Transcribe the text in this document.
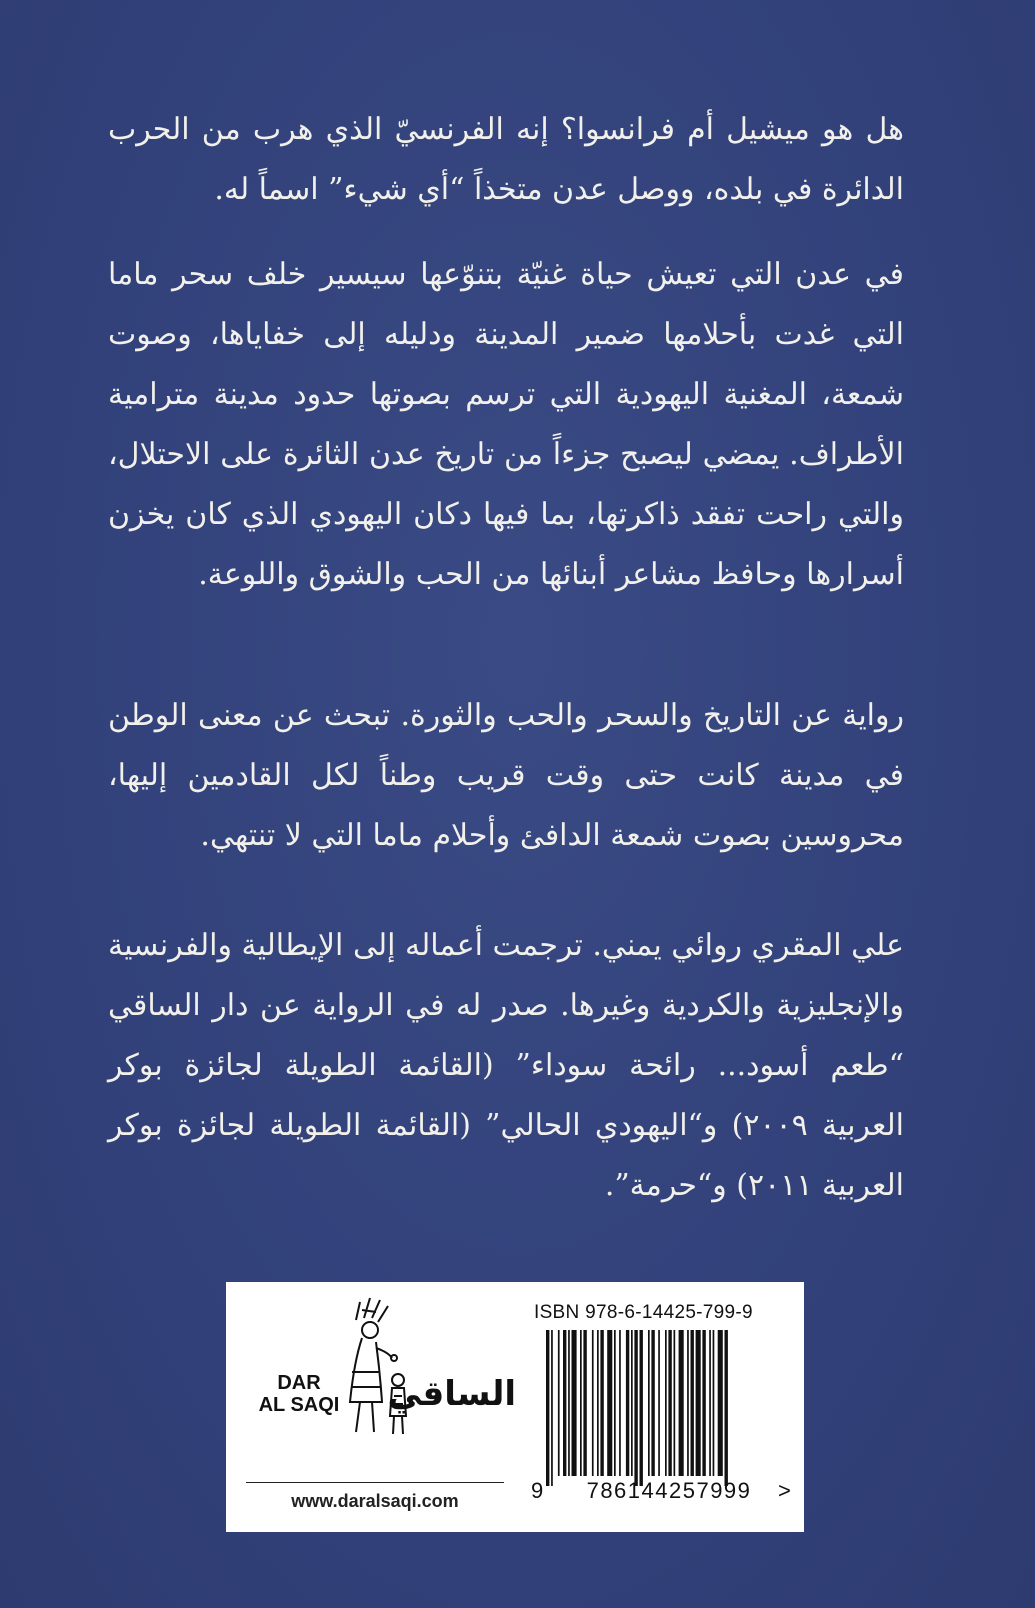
هل هو ميشيل أم فرانسوا؟ إنه الفرنسيّ الذي هرب من الحرب الدائرة في بلده، ووصل عدن متخذاً “أي شيء” اسماً له.

في عدن التي تعيش حياة غنيّة بتنوّعها سيسير خلف سحر ماما التي غدت بأحلامها ضمير المدينة ودليله إلى خفاياها، وصوت شمعة، المغنية اليهودية التي ترسم بصوتها حدود مدينة مترامية الأطراف. يمضي ليصبح جزءاً من تاريخ عدن الثائرة على الاحتلال، والتي راحت تفقد ذاكرتها، بما فيها دكان اليهودي الذي كان يخزن أسرارها وحافظ مشاعر أبنائها من الحب والشوق واللوعة.

رواية عن التاريخ والسحر والحب والثورة. تبحث عن معنى الوطن في مدينة كانت حتى وقت قريب وطناً لكل القادمين إليها، محروسين بصوت شمعة الدافئ وأحلام ماما التي لا تنتهي.

علي المقري روائي يمني. ترجمت أعماله إلى الإيطالية والفرنسية والإنجليزية والكردية وغيرها. صدر له في الرواية عن دار الساقي “طعم أسود... رائحة سوداء” (القائمة الطويلة لجائزة بوكر العربية ٢٠٠٩) و“اليهودي الحالي” (القائمة الطويلة لجائزة بوكر العربية ٢٠١١) و“حرمة”.

DAR
AL SAQI الساقي
www.daralsaqi.com
ISBN 978-6-14425-799-9
9	786144257999	>
